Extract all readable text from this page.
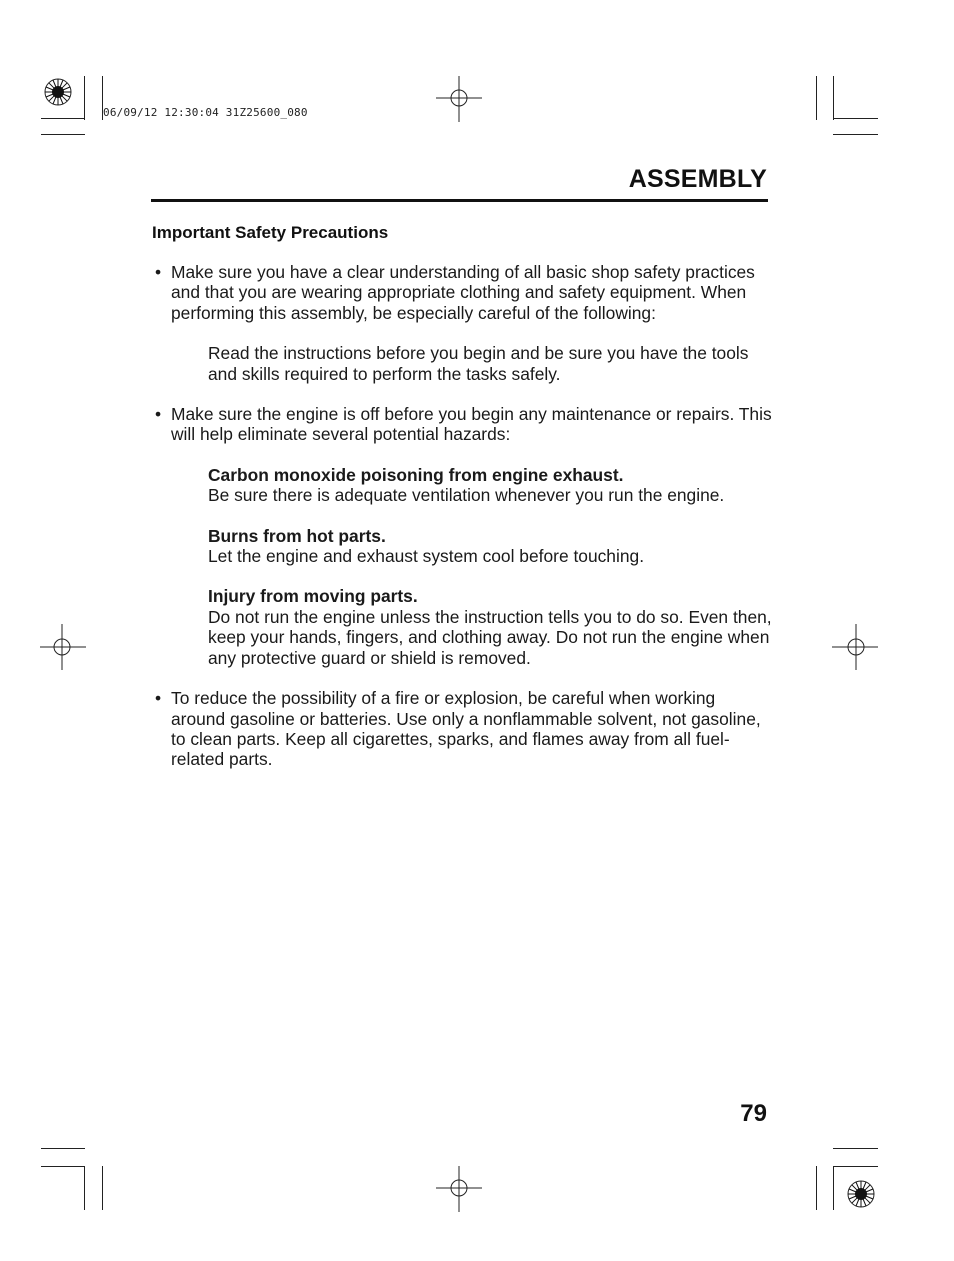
06/09/12 12:30:04 31Z25600_080
ASSEMBLY
Important Safety Precautions
• Make sure you have a clear understanding of all basic shop safety practices and that you are wearing appropriate clothing and safety equipment. When performing this assembly, be especially careful of the following:
Read the instructions before you begin and be sure you have the tools and skills required to perform the tasks safely.
• Make sure the engine is off before you begin any maintenance or repairs. This will help eliminate several potential hazards:
Carbon monoxide poisoning from engine exhaust.
Be sure there is adequate ventilation whenever you run the engine.
Burns from hot parts.
Let the engine and exhaust system cool before touching.
Injury from moving parts.
Do not run the engine unless the instruction tells you to do so. Even then, keep your hands, fingers, and clothing away. Do not run the engine when any protective guard or shield is removed.
• To reduce the possibility of a fire or explosion, be careful when working around gasoline or batteries. Use only a nonflammable solvent, not gasoline, to clean parts. Keep all cigarettes, sparks, and flames away from all fuel-related parts.
79
